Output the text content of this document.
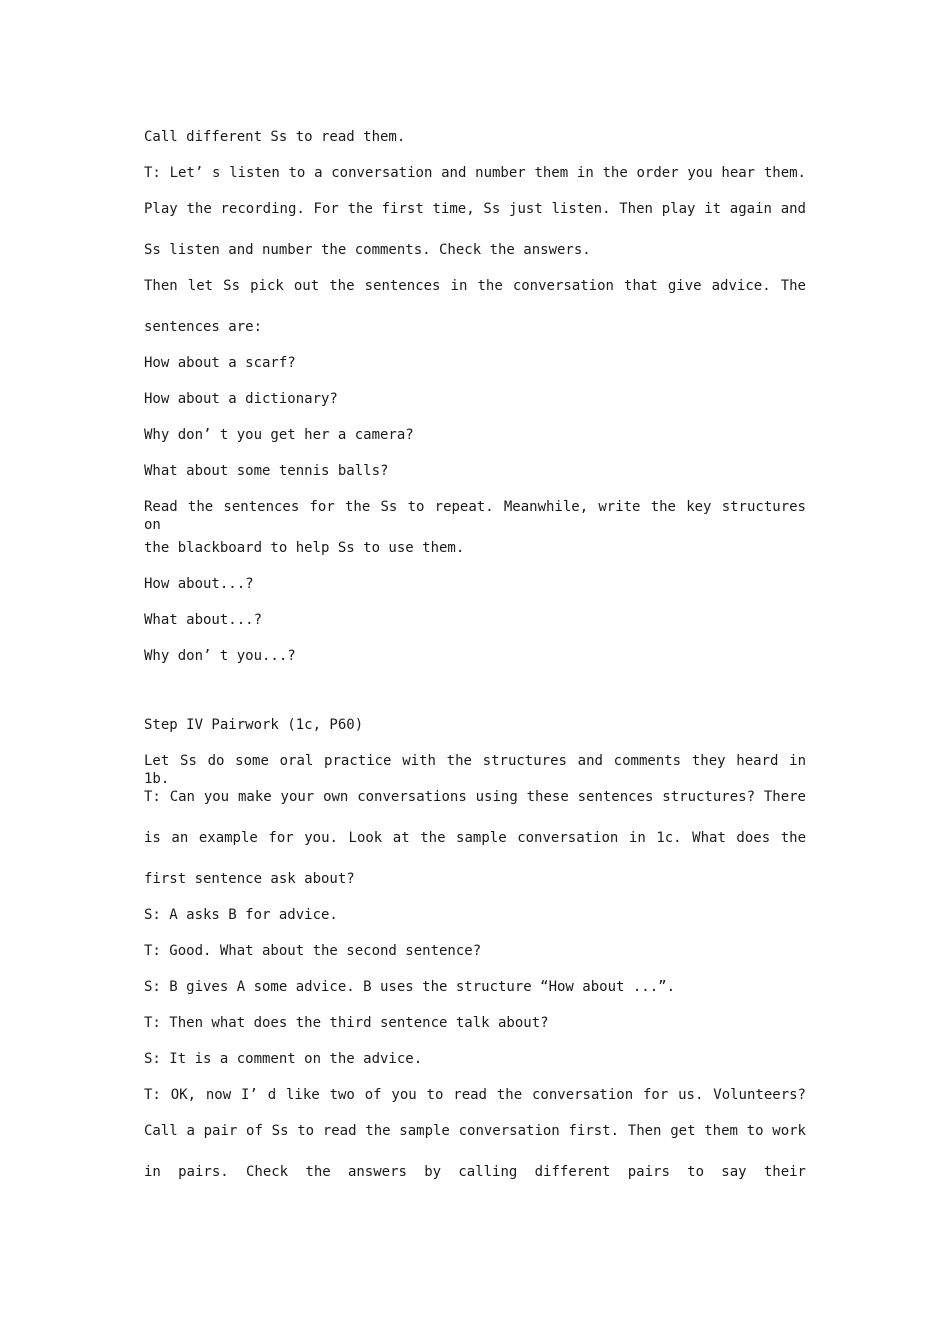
Call different Ss to read them.
T: Let’ s listen to a conversation and number them in the order you hear them.
Play the recording. For the first time, Ss just listen. Then play it again and
Ss listen and number the comments. Check the answers.
Then let Ss pick out the sentences in the conversation that give advice. The
sentences are:
How about a scarf?
How about a dictionary?
Why don’ t you get her a camera?
What about some tennis balls?
Read the sentences for the Ss to repeat. Meanwhile, write the key structures on
the blackboard to help Ss to use them.
How about...?
What about...?
Why don’ t you...?
Step IV Pairwork (1c, P60)
Let Ss do some oral practice with the structures and comments they heard in 1b.
T: Can you make your own conversations using these sentences structures? There
is an example for you. Look at the sample conversation in 1c. What does the
first sentence ask about?
S: A asks B for advice.
T: Good. What about the second sentence?
S: B gives A some advice. B uses the structure “How about ...”.
T: Then what does the third sentence talk about?
S: It is a comment on the advice.
T: OK, now I’ d like two of you to read the conversation for us. Volunteers?
Call a pair of Ss to read the sample conversation first. Then get them to work
in pairs. Check the answers by calling different pairs to say their
